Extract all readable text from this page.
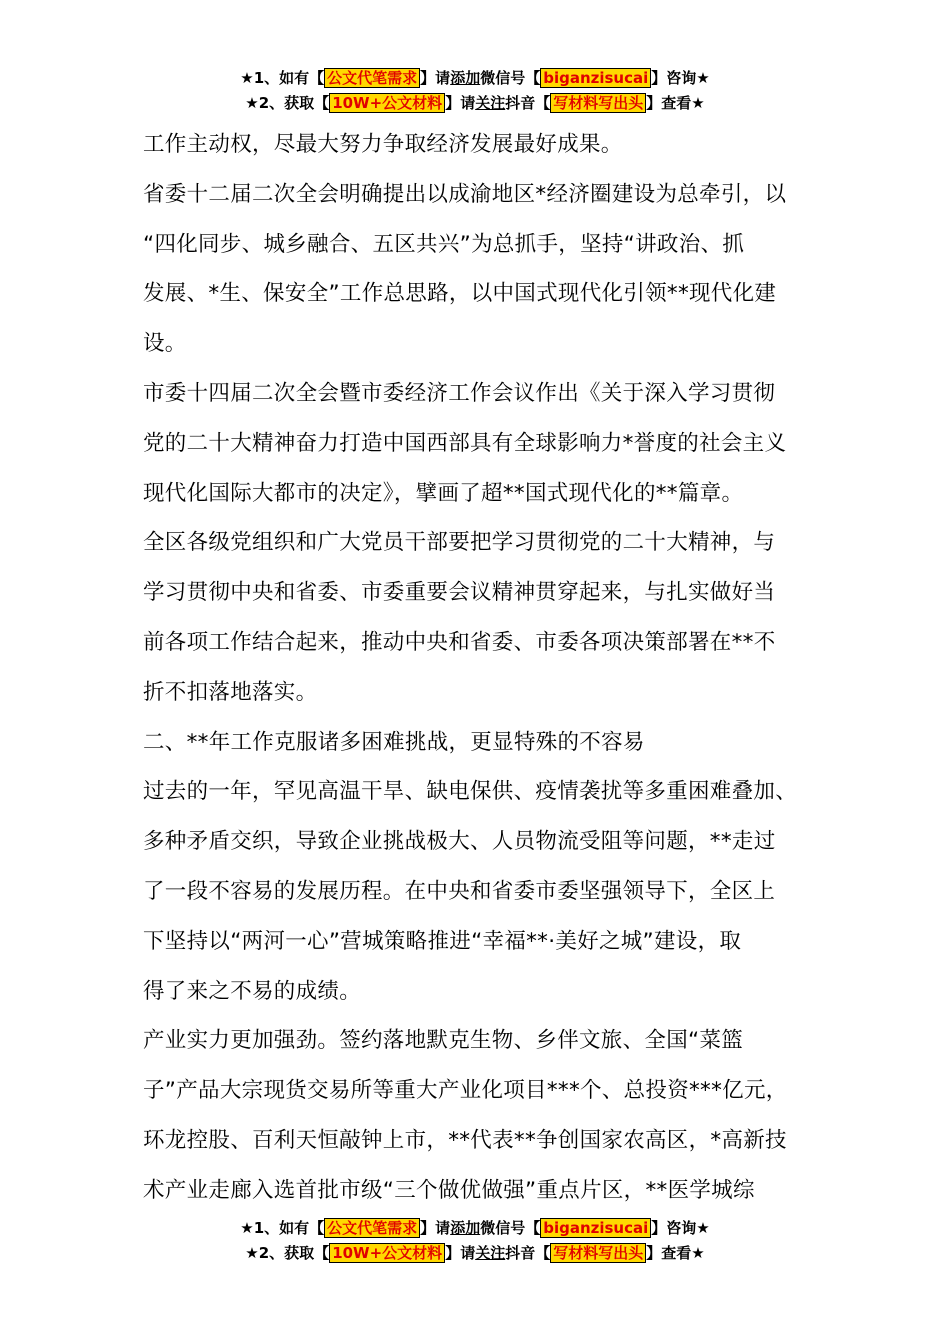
★1、如有【 公文代笔需求 】请添加微信号【 biganzisucai 】咨询★
★2、获取【 10W+公文材料 】请关注抖音【 写材料写出头 】查看★

工作主动权，尽最大努力争取经济发展最好成果。

省委十二届二次全会明确提出以成渝地区*经济圈建设为总牵引，以

“四化同步、城乡融合、五区共兴”为总抓手，坚持“讲政治、抓

发展、*生、保安全”工作总思路，以中国式现代化引领**现代化建

设。

市委十四届二次全会暨市委经济工作会议作出《关于深入学习贯彻

党的二十大精神奋力打造中国西部具有全球影响力*誉度的社会主义

现代化国际大都市的决定》，擘画了超**国式现代化的**篇章。

全区各级党组织和广大党员干部要把学习贯彻党的二十大精神，与

学习贯彻中央和省委、市委重要会议精神贯穿起来，与扎实做好当

前各项工作结合起来，推动中央和省委、市委各项决策部署在**不

折不扣落地落实。

二、**年工作克服诸多困难挑战，更显特殊的不容易

过去的一年，罕见高温干旱、缺电保供、疫情袭扰等多重困难叠加、

多种矛盾交织，导致企业挑战极大、人员物流受阻等问题，**走过

了一段不容易的发展历程。在中央和省委市委坚强领导下，全区上

下坚持以“两河一心”营城策略推进“幸福**·美好之城”建设，取

得了来之不易的成绩。

产业实力更加强劲。签约落地默克生物、乡伴文旅、全国“菜篮

子”产品大宗现货交易所等重大产业化项目***个、总投资***亿元，

环龙控股、百利天恒敲钟上市，**代表**争创国家农高区，*高新技

术产业走廊入选首批市级“三个做优做强”重点片区，**医学城综

★1、如有【 公文代笔需求 】请添加微信号【 biganzisucai 】咨询★
★2、获取【 10W+公文材料 】请关注抖音【 写材料写出头 】查看★
